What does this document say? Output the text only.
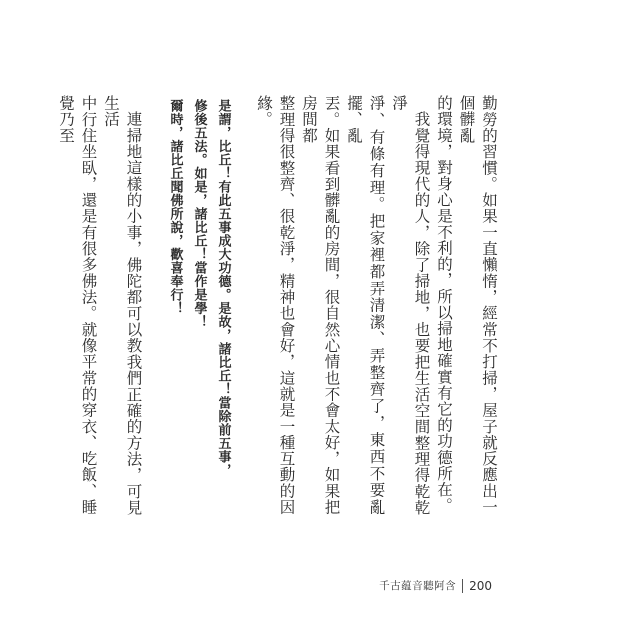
勤勞的習慣。如果一直懶惰，經常不打掃，屋子就反應出一個髒亂
的環境，對身心是不利的，所以掃地確實有它的功德所在。

我覺得現代的人，除了掃地，也要把生活空間整理得乾乾淨
淨、有條有理。把家裡都弄清潔、弄整齊了，東西不要亂擺、亂
丟。如果看到髒亂的房間，很自然心情也不會太好，如果把房間都
整理得很整齊、很乾淨，精神也會好，這就是一種互動的因緣。

是謂，比丘！有此五事成大功德。是故，諸比丘！當除前五事，
修後五法。如是，諸比丘！當作是學！
爾時，諸比丘聞佛所說，歡喜奉行！

連掃地這樣的小事，佛陀都可以教我們正確的方法，可見生活
中行住坐臥，還是有很多佛法。就像平常的穿衣、吃飯、睡覺乃至

千古蕴音聽阿含 200
